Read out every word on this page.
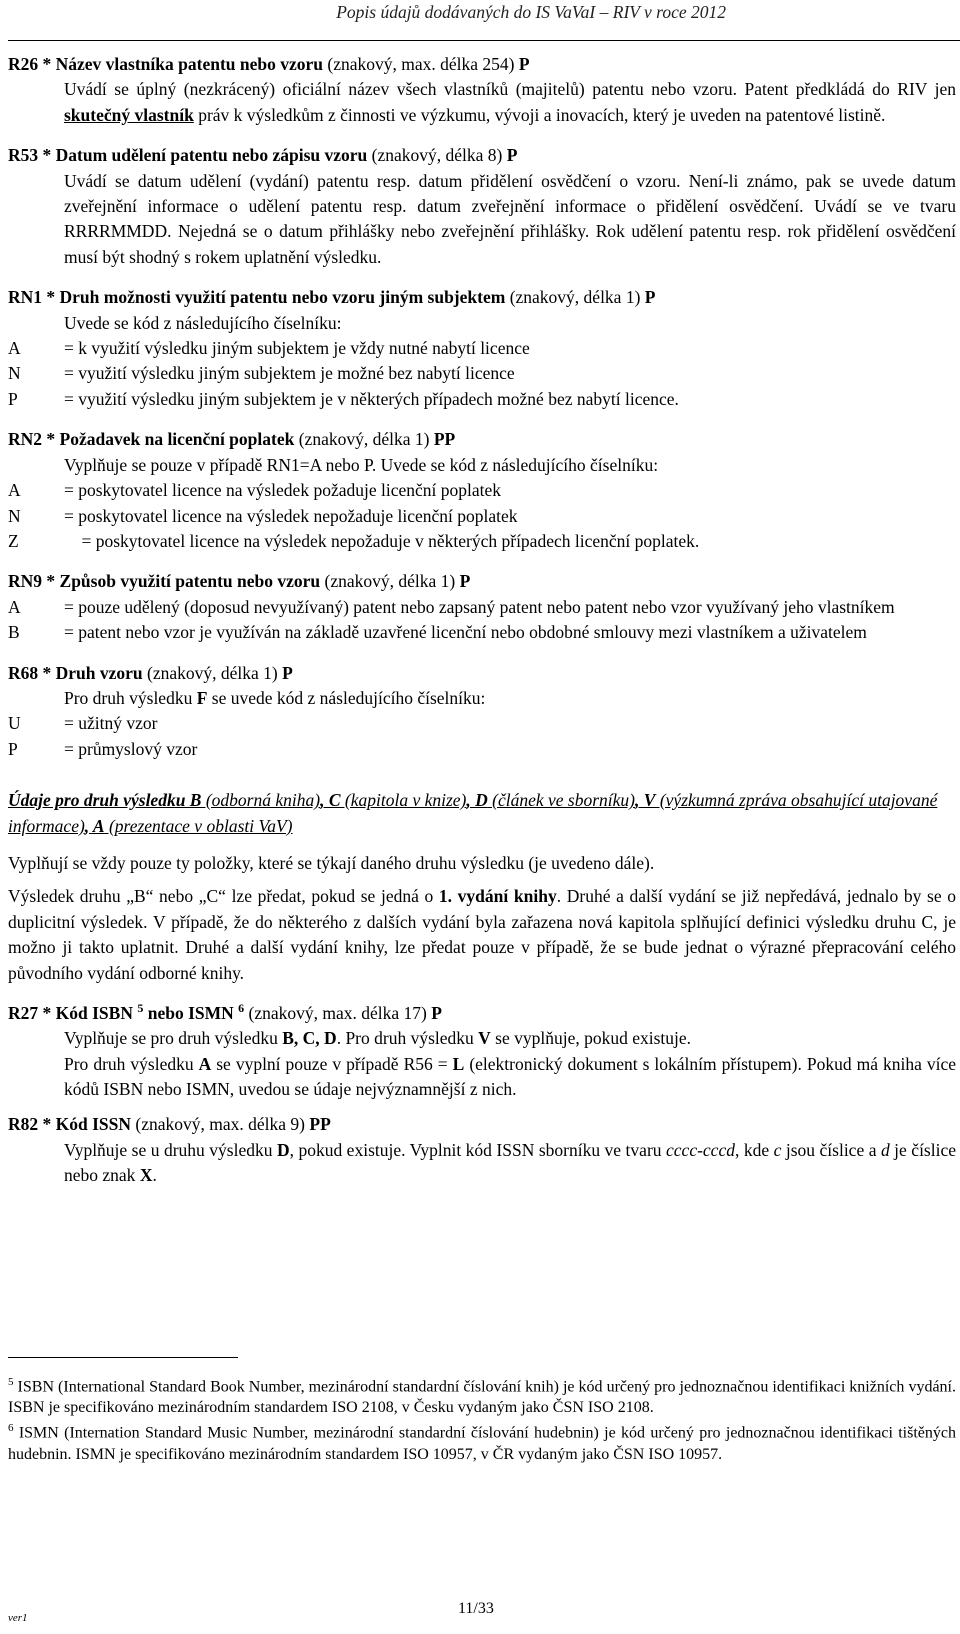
Popis údajů dodávaných do IS VaVaI – RIV v roce 2012
R26 * Název vlastníka patentu nebo vzoru (znakový, max. délka 254) P
Uvádí se úplný (nezkrácený) oficiální název všech vlastníků (majitelů) patentu nebo vzoru. Patent předkládá do RIV jen skutečný vlastník práv k výsledkům z činnosti ve výzkumu, vývoji a inovacích, který je uveden na patentové listině.
R53 * Datum udělení patentu nebo zápisu vzoru (znakový, délka 8) P
Uvádí se datum udělení (vydání) patentu resp. datum přidělení osvědčení o vzoru. Není-li známo, pak se uvede datum zveřejnění informace o udělení patentu resp. datum zveřejnění informace o přidělení osvědčení. Uvádí se ve tvaru RRRRMMDD. Nejedná se o datum přihlášky nebo zveřejnění přihlášky. Rok udělení patentu resp. rok přidělení osvědčení musí být shodný s rokem uplatnění výsledku.
RN1 * Druh možnosti využití patentu nebo vzoru jiným subjektem (znakový, délka 1) P
Uvede se kód z následujícího číselníku:
A	= k využití výsledku jiným subjektem je vždy nutné nabytí licence
N	= využití výsledku jiným subjektem je možné bez nabytí licence
P	= využití výsledku jiným subjektem je v některých případech možné bez nabytí licence.
RN2 * Požadavek na licenční poplatek (znakový, délka 1) PP
Vyplňuje se pouze v případě RN1=A nebo P. Uvede se kód z následujícího číselníku:
A	= poskytovatel licence na výsledek požaduje licenční poplatek
N	= poskytovatel licence na výsledek nepožaduje licenční poplatek
Z	= poskytovatel licence na výsledek nepožaduje v některých případech licenční poplatek.
RN9 * Způsob využití patentu nebo vzoru (znakový, délka 1) P
A	= pouze udělený (doposud nevyužívaný) patent nebo zapsaný patent nebo patent nebo vzor využívaný jeho vlastníkem
B	= patent nebo vzor je využíván na základě uzavřené licenční nebo obdobné smlouvy mezi vlastníkem a uživatelem
R68 * Druh vzoru (znakový, délka 1) P
Pro druh výsledku F se uvede kód z následujícího číselníku:
U	= užitný vzor
P	= průmyslový vzor
Údaje pro druh výsledku B (odborná kniha), C (kapitola v knize), D (článek ve sborníku), V (výzkumná zpráva obsahující utajované informace), A (prezentace v oblasti VaV)

Vyplňují se vždy pouze ty položky, které se týkají daného druhu výsledku (je uvedeno dále).

Výsledek druhu „B“ nebo „C“ lze předat, pokud se jedná o 1. vydání knihy. Druhé a další vydání se již nepředává, jednalo by se o duplicitní výsledek. V případě, že do některého z dalších vydání byla zařazena nová kapitola splňující definici výsledku druhu C, je možno ji takto uplatnit. Druhé a další vydání knihy, lze předat pouze v případě, že se bude jednat o výrazné přepracování celého původního vydání odborné knihy.

R27 * Kód ISBN $^5$ nebo ISMN $^6$ (znakový, max. délka 17) P
Vyplňuje se pro druh výsledku B, C, D. Pro druh výsledku V se vyplňuje, pokud existuje.
Pro druh výsledku A se vyplní pouze v případě R56 = L (elektronický dokument s lokálním přístupem). Pokud má kniha více kódů ISBN nebo ISMN, uvedou se údaje nejvýznamnější z nich.
R82 * Kód ISSN (znakový, max. délka 9) PP
Vyplňuje se u druhu výsledku D, pokud existuje. Vyplnit kód ISSN sborníku ve tvaru cccc-cccd, kde c jsou číslice a d je číslice nebo znak X.
$^5$ ISBN (International Standard Book Number, mezinárodní standardní číslování knih) je kód určený pro jednoznačnou identifikaci knižních vydání. ISBN je specifikováno mezinárodním standardem ISO 2108, v Česku vydaným jako ČSN ISO 2108.
$^6$ ISMN (Internation Standard Music Number, mezinárodní standardní číslování hudebnin) je kód určený pro jednoznačnou identifikaci tištěných hudebnin. ISMN je specifikováno mezinárodním standardem ISO 10957, v ČR vydaným jako ČSN ISO 10957.
ver1
11/33
